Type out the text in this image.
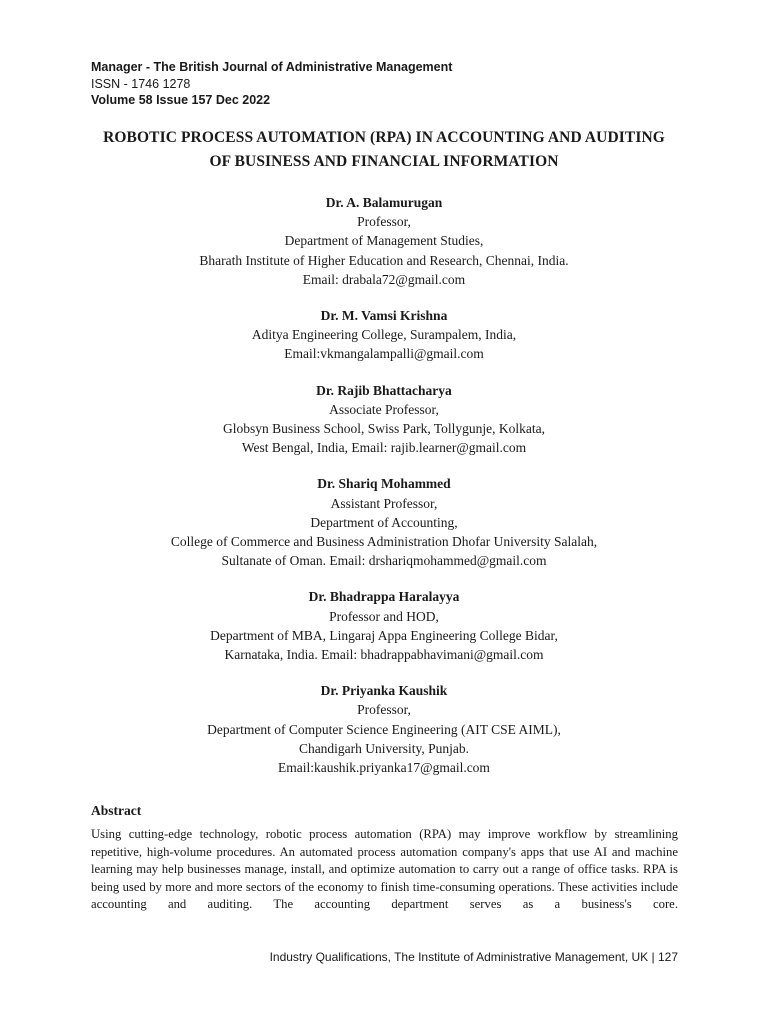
Manager - The British Journal of Administrative Management
ISSN - 1746 1278
Volume 58 Issue 157 Dec 2022
ROBOTIC PROCESS AUTOMATION (RPA) IN ACCOUNTING AND AUDITING
OF BUSINESS AND FINANCIAL INFORMATION
Dr. A. Balamurugan
Professor,
Department of Management Studies,
Bharath Institute of Higher Education and Research, Chennai, India.
Email: drabala72@gmail.com
Dr. M. Vamsi Krishna
Aditya Engineering College, Surampalem, India,
Email:vkmangalampalli@gmail.com
Dr. Rajib Bhattacharya
Associate Professor,
Globsyn Business School, Swiss Park, Tollygunje, Kolkata,
West Bengal, India, Email: rajib.learner@gmail.com
Dr. Shariq Mohammed
Assistant Professor,
Department of Accounting,
College of Commerce and Business Administration Dhofar University Salalah,
Sultanate of Oman. Email: drshariqmohammed@gmail.com
Dr. Bhadrappa Haralayya
Professor and HOD,
Department of MBA, Lingaraj Appa Engineering College Bidar,
Karnataka, India. Email: bhadrappabhavimani@gmail.com
Dr. Priyanka Kaushik
Professor,
Department of Computer Science Engineering (AIT CSE AIML),
Chandigarh University, Punjab.
Email:kaushik.priyanka17@gmail.com
Abstract
Using cutting-edge technology, robotic process automation (RPA) may improve workflow by streamlining repetitive, high-volume procedures. An automated process automation company's apps that use AI and machine learning may help businesses manage, install, and optimize automation to carry out a range of office tasks. RPA is being used by more and more sectors of the economy to finish time-consuming operations. These activities include accounting and auditing. The accounting department serves as a business's core.
Industry Qualifications, The Institute of Administrative Management, UK | 127
